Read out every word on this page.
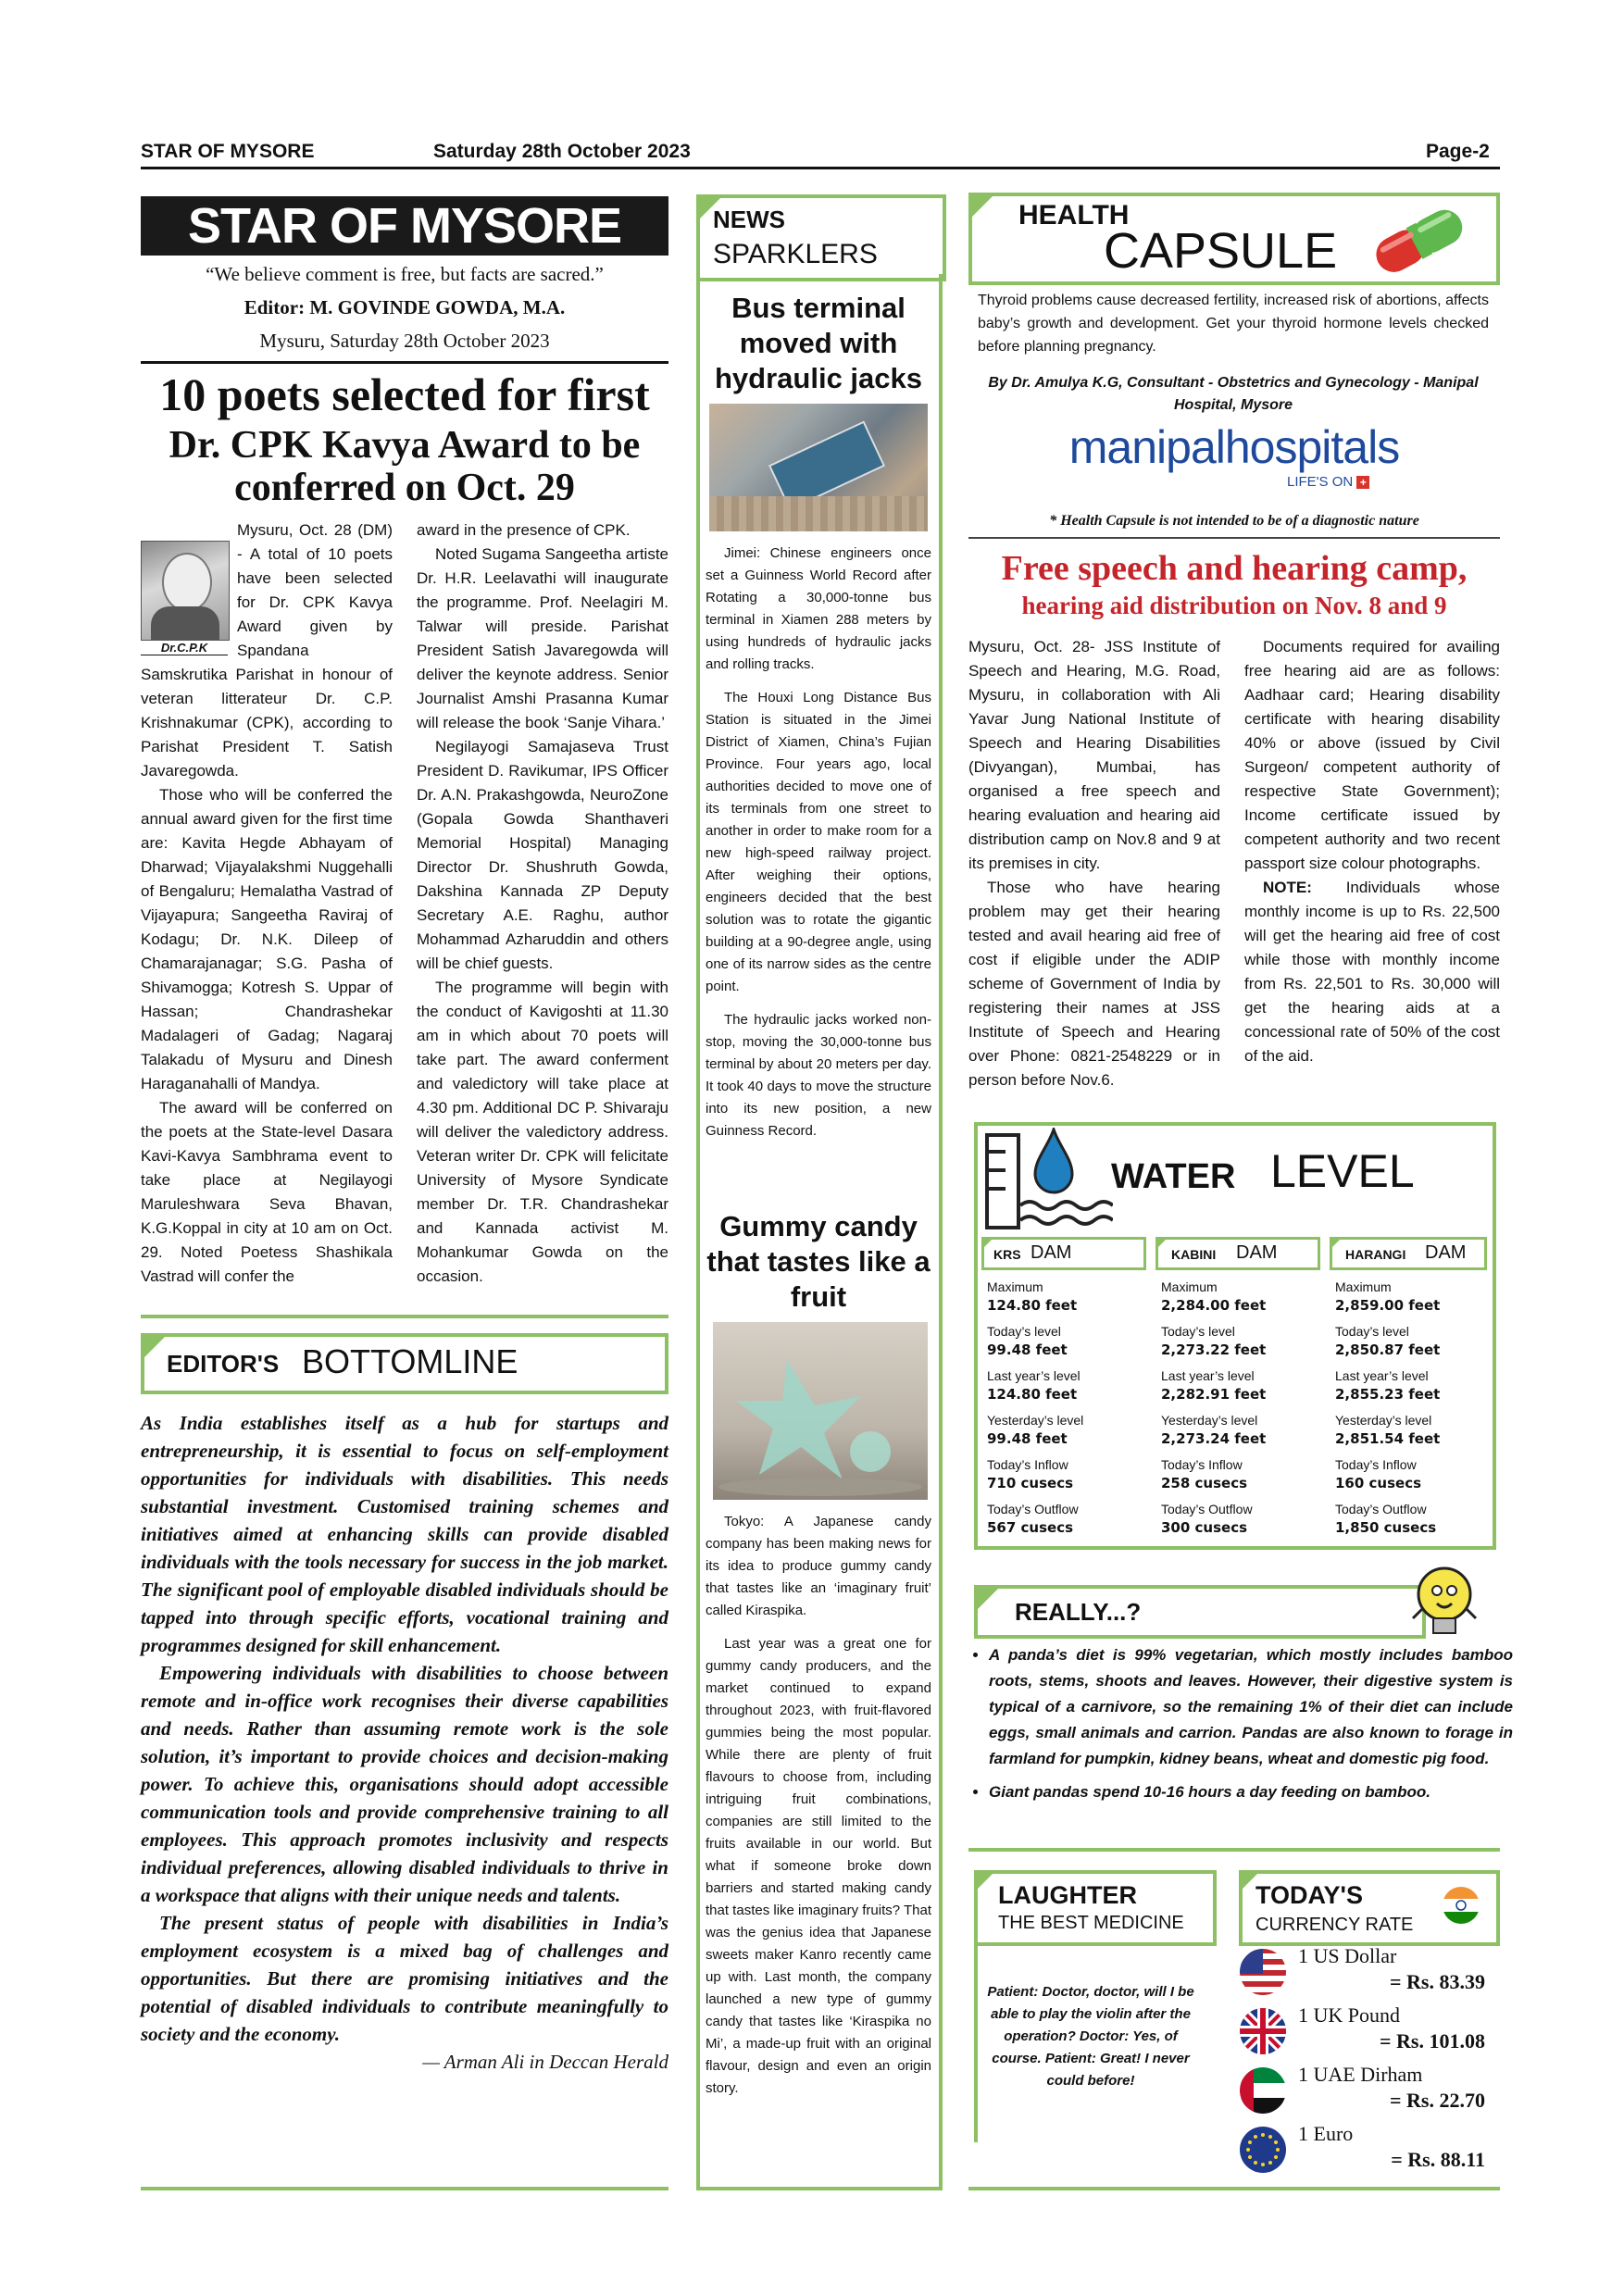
STAR OF MYSORE	Saturday 28th October 2023	Page-2
STAR OF MYSORE
“We believe comment is free, but facts are sacred.”
Editor: M. GOVINDE GOWDA, M.A.
Mysuru, Saturday 28th October 2023
10 poets selected for first
Dr. CPK Kavya Award to be conferred on Oct. 29
Dr.C.P.K

Mysuru, Oct. 28 (DM) - A total of 10 poets have been selected for Dr. CPK Kavya Award given by Spandana Samskrutika Parishat in honour of veteran litterateur Dr. C.P. Krishnakumar (CPK), according to Parishat President T. Satish Javaregowda.

Those who will be conferred the annual award given for the first time are: Kavita Hegde Abhayam of Dharwad; Vijayalakshmi Nuggehalli of Bengaluru; Hemalatha Vastrad of Vijayapura; Sangeetha Raviraj of Kodagu; Dr. N.K. Dileep of Chamarajanagar; S.G. Pasha of Shivamogga; Kotresh S. Uppar of Hassan; Chandrashekar Madalageri of Gadag; Nagaraj Talakadu of Mysuru and Dinesh Haraganahalli of Mandya.

The award will be conferred on the poets at the State-level Dasara Kavi-Kavya Sambhrama event to take place at Negilayogi Maruleshwara Seva Bhavan, K.G.Koppal in city at 10 am on Oct. 29. Noted Poetess Shashikala Vastrad will confer the

award in the presence of CPK.

Noted Sugama Sangeetha artiste Dr. H.R. Leelavathi will inaugurate the programme. Prof. Neelagiri M. Talwar will preside. Parishat President Satish Javaregowda will deliver the keynote address. Senior Journalist Amshi Prasanna Kumar will release the book ‘Sanje Vihara.’

Negilayogi Samajaseva Trust President D. Ravikumar, IPS Officer Dr. A.N. Prakashgowda, NeuroZone (Gopala Gowda Shanthaveri Memorial Hospital) Managing Director Dr. Shushruth Gowda, Dakshina Kannada ZP Deputy Secretary A.E. Raghu, author Mohammad Azharuddin and others will be chief guests.

The programme will begin with the conduct of Kavigoshti at 11.30 am in which about 70 poets will take part. The award conferment and valedictory will take place at 4.30 pm. Additional DC P. Shivaraju will deliver the valedictory address. Veteran writer Dr. CPK will felicitate University of Mysore Syndicate member Dr. T.R. Chandrashekar and Kannada activist M. Mohankumar Gowda on the occasion.

EDITOR'S BOTTOMLINE

As India establishes itself as a hub for startups and entrepreneurship, it is essential to focus on self-employment opportunities for individuals with disabilities. This needs substantial investment. Customised training schemes and initiatives aimed at enhancing skills can provide disabled individuals with the tools necessary for success in the job market. The significant pool of employable disabled individuals should be tapped into through specific efforts, vocational training and programmes designed for skill enhancement.

Empowering individuals with disabilities to choose between remote and in-office work recognises their diverse capabilities and needs. Rather than assuming remote work is the sole solution, it’s important to provide choices and decision-making power. To achieve this, organisations should adopt accessible communication tools and provide comprehensive training to all employees. This approach promotes inclusivity and respects individual preferences, allowing disabled individuals to thrive in a workspace that aligns with their unique needs and talents.

The present status of people with disabilities in India’s employment ecosystem is a mixed bag of challenges and opportunities. But there are promising initiatives and the potential of disabled individuals to contribute meaningfully to society and the economy.

— Arman Ali in Deccan Herald

NEWS
SPARKLERS
Bus terminal moved with hydraulic jacks

Jimei: Chinese engineers once set a Guinness World Record after Rotating a 30,000-tonne bus terminal in Xiamen 288 meters by using hundreds of hydraulic jacks and rolling tracks.

The Houxi Long Distance Bus Station is situated in the Jimei District of Xiamen, China’s Fujian Province. Four years ago, local authorities decided to move one of its terminals from one street to another in order to make room for a new high-speed railway project. After weighing their options, engineers decided that the best solution was to rotate the gigantic building at a 90-degree angle, using one of its narrow sides as the centre point.

The hydraulic jacks worked non-stop, moving the 30,000-tonne bus terminal by about 20 meters per day. It took 40 days to move the structure into its new position, a new Guinness Record.

Gummy candy that tastes like a fruit

Tokyo: A Japanese candy company has been making news for its idea to produce gummy candy that tastes like an ‘imaginary fruit’ called Kiraspika.

Last year was a great one for gummy candy producers, and the market continued to expand throughout 2023, with fruit-flavored gummies being the most popular. While there are plenty of fruit flavours to choose from, including intriguing fruit combinations, companies are still limited to the fruits available in our world. But what if someone broke down barriers and started making candy that tastes like imaginary fruits? That was the genius idea that Japanese sweets maker Kanro recently came up with. Last month, the company launched a new type of gummy candy that tastes like ‘Kiraspika no Mi’, a made-up fruit with an original flavour, design and even an origin story.

HEALTH
CAPSULE
Thyroid problems cause decreased fertility, increased risk of abortions, affects baby’s growth and development. Get your thyroid hormone levels checked before planning pregnancy.
By Dr. Amulya K.G, Consultant - Obstetrics and Gynecology - Manipal Hospital, Mysore
manipalhospitals
LIFE'S ON +
* Health Capsule is not intended to be of a diagnostic nature
Free speech and hearing camp,
hearing aid distribution on Nov. 8 and 9

Mysuru, Oct. 28- JSS Institute of Speech and Hearing, M.G. Road, Mysuru, in collaboration with Ali Yavar Jung National Institute of Speech and Hearing Disabilities (Divyangan), Mumbai, has organised a free speech and hearing evaluation and hearing aid distribution camp on Nov.8 and 9 at its premises in city.

Those who have hearing problem may get their hearing tested and avail hearing aid free of cost if eligible under the ADIP scheme of Government of India by registering their names at JSS Institute of Speech and Hearing over Phone: 0821-2548229 or in person before Nov.6.

Documents required for availing free hearing aid are as follows: Aadhaar card; Hearing disability certificate with hearing disability 40% or above (issued by Civil Surgeon/ competent authority of respective State Government); Income certificate issued by competent authority and two recent passport size colour photographs.

NOTE: Individuals whose monthly income is up to Rs. 22,500 will get the hearing aid free of cost while those with monthly income from Rs. 22,501 to Rs. 30,000 will get the hearing aids at a concessional rate of 50% of the cost of the aid.

WATER LEVEL
KRS DAM
Maximum
124.80 feet
Today’s level
99.48 feet
Last year’s level
124.80 feet
Yesterday’s level
99.48 feet
Today’s Inflow
710 cusecs
Today’s Outflow
567 cusecs
KABINI DAM
Maximum
2,284.00 feet
Today’s level
2,273.22 feet
Last year’s level
2,282.91 feet
Yesterday’s level
2,273.24 feet
Today’s Inflow
258 cusecs
Today’s Outflow
300 cusecs
HARANGI DAM
Maximum
2,859.00 feet
Today’s level
2,850.87 feet
Last year’s level
2,855.23 feet
Yesterday’s level
2,851.54 feet
Today’s Inflow
160 cusecs
Today’s Outflow
1,850 cusecs
REALLY...?
• A panda’s diet is 99% vegetarian, which mostly includes bamboo roots, stems, shoots and leaves. However, their digestive system is typical of a carnivore, so the remaining 1% of their diet can include eggs, small animals and carrion. Pandas are also known to forage in farmland for pumpkin, kidney beans, wheat and domestic pig food.
• Giant pandas spend 10-16 hours a day feeding on bamboo.
LAUGHTER
THE BEST MEDICINE
Patient: Doctor, doctor, will I be able to play the violin after the operation? Doctor: Yes, of course. Patient: Great! I never could before!
TODAY'S
CURRENCY RATE
1 US Dollar
= Rs. 83.39
1 UK Pound
= Rs. 101.08
1 UAE Dirham
= Rs. 22.70
1 Euro
= Rs. 88.11
